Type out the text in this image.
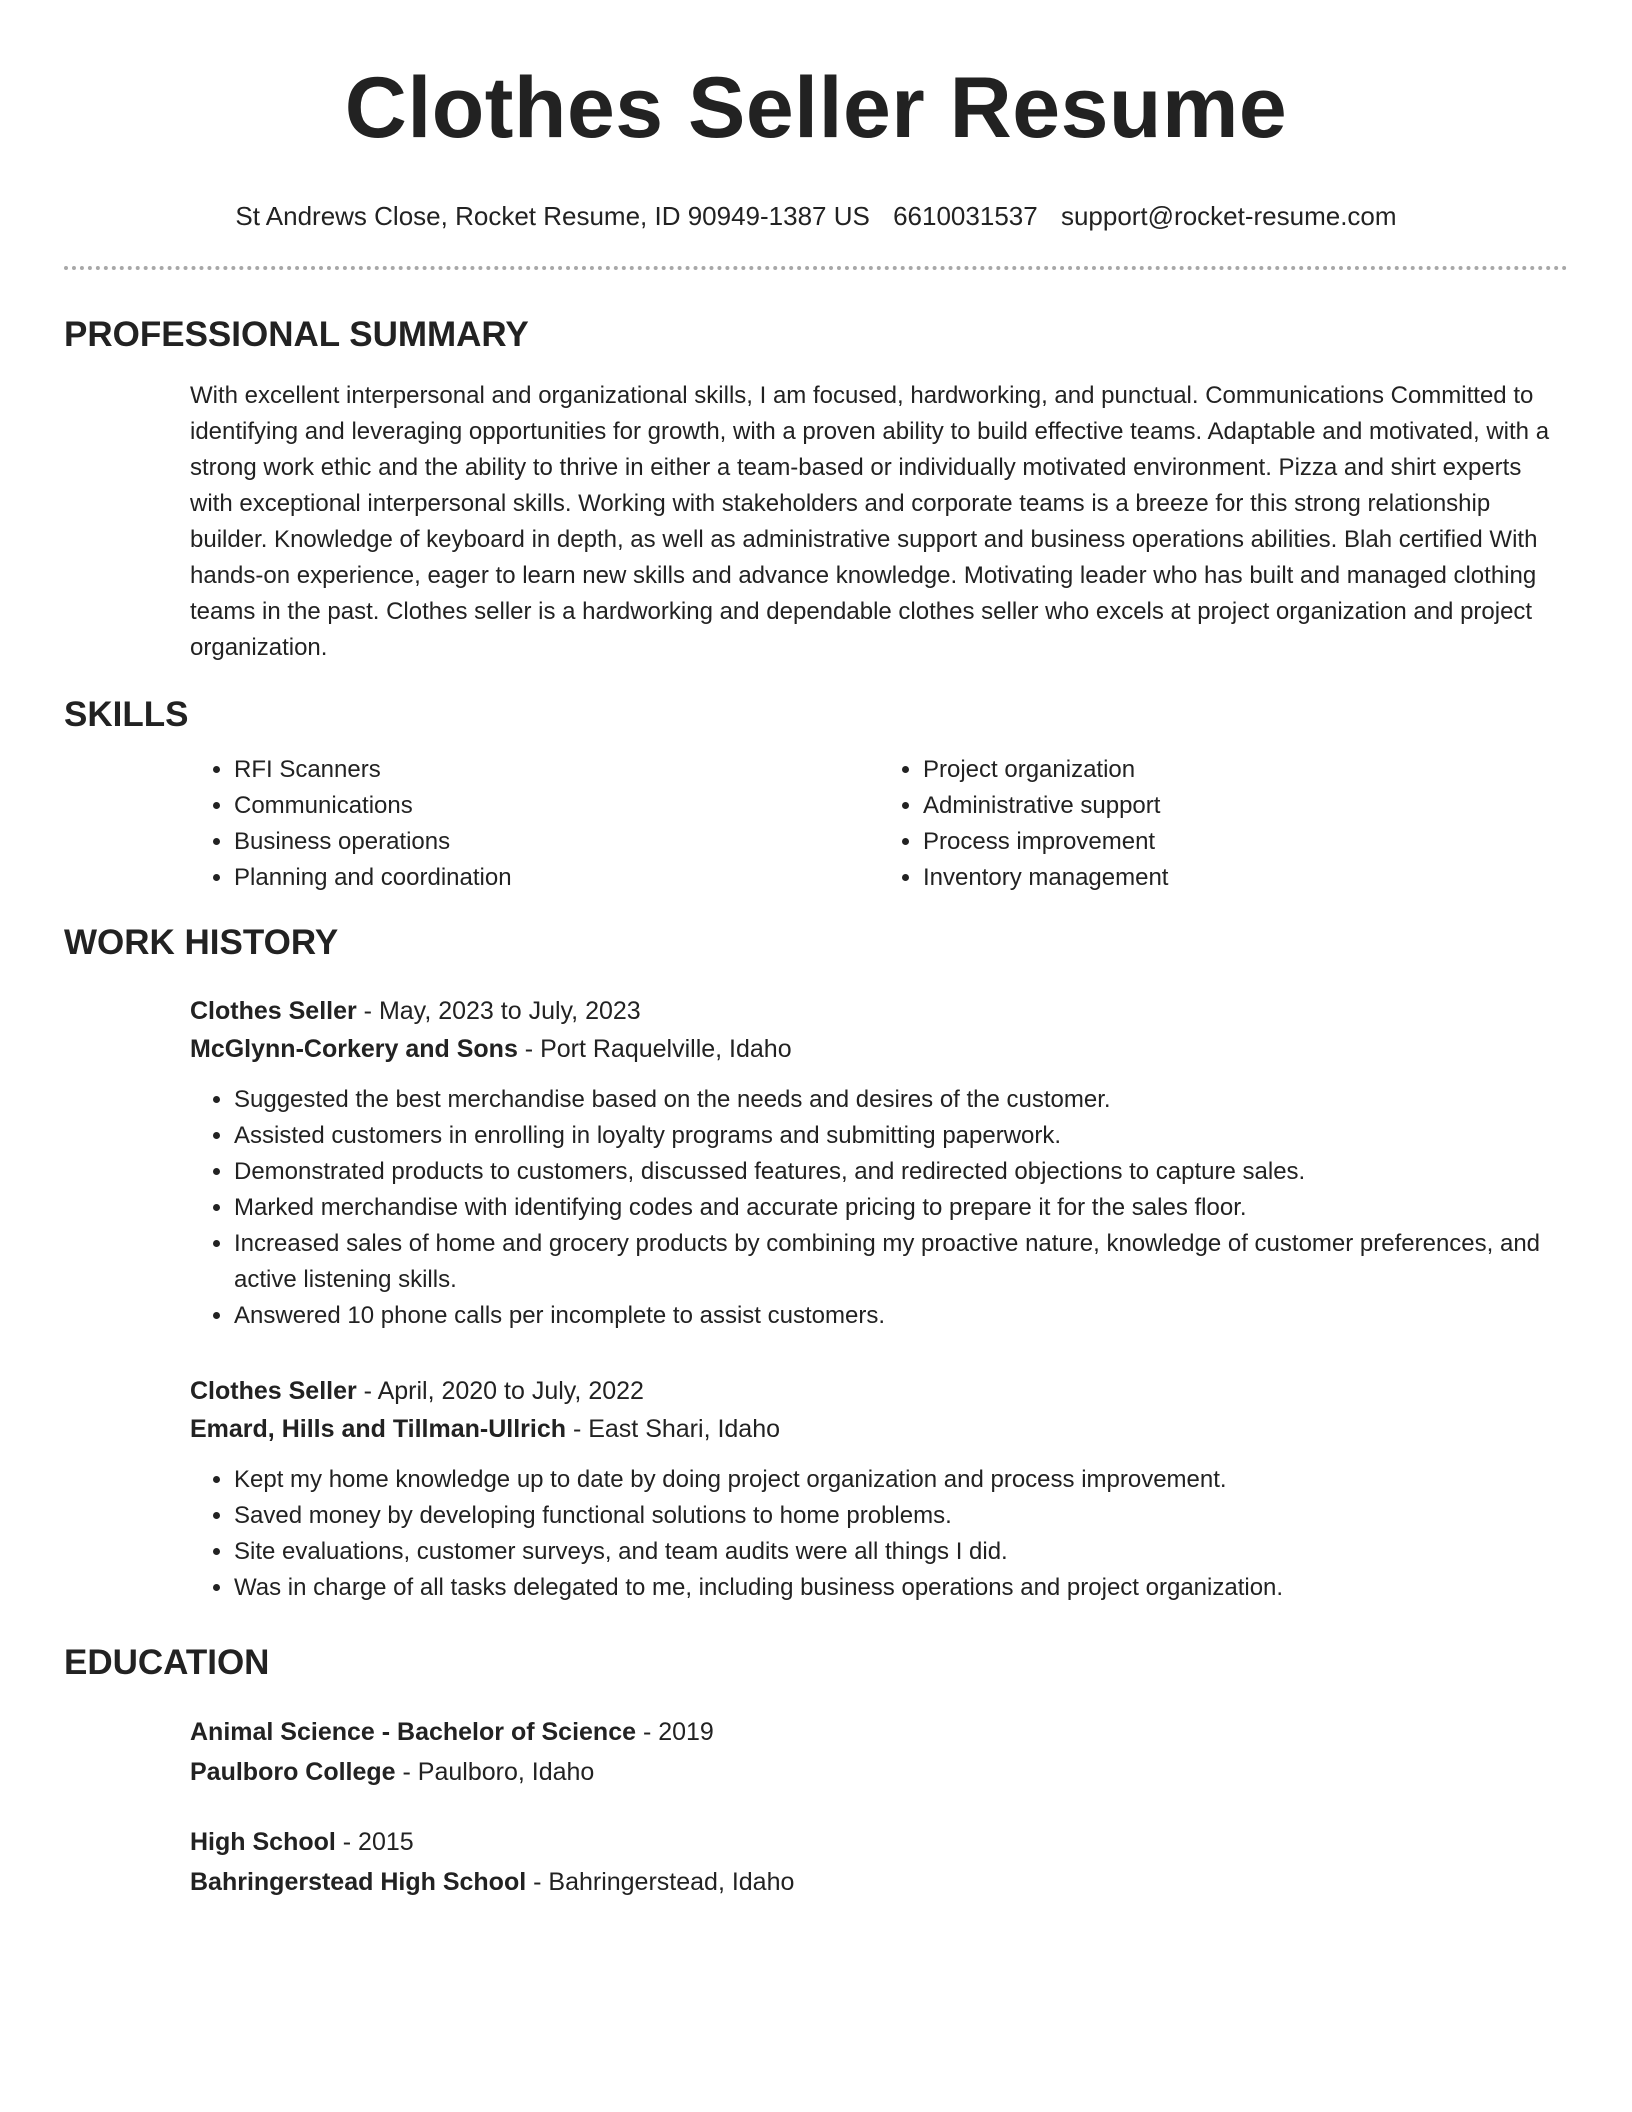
Clothes Seller Resume
St Andrews Close, Rocket Resume, ID 90949-1387 US 6610031537 support@rocket-resume.com
PROFESSIONAL SUMMARY
With excellent interpersonal and organizational skills, I am focused, hardworking, and punctual. Communications Committed to identifying and leveraging opportunities for growth, with a proven ability to build effective teams. Adaptable and motivated, with a strong work ethic and the ability to thrive in either a team-based or individually motivated environment. Pizza and shirt experts with exceptional interpersonal skills. Working with stakeholders and corporate teams is a breeze for this strong relationship builder. Knowledge of keyboard in depth, as well as administrative support and business operations abilities. Blah certified With hands-on experience, eager to learn new skills and advance knowledge. Motivating leader who has built and managed clothing teams in the past. Clothes seller is a hardworking and dependable clothes seller who excels at project organization and project organization.
SKILLS
• RFI Scanners
• Communications
• Business operations
• Planning and coordination
• Project organization
• Administrative support
• Process improvement
• Inventory management
WORK HISTORY
Clothes Seller - May, 2023 to July, 2023
McGlynn-Corkery and Sons - Port Raquelville, Idaho
• Suggested the best merchandise based on the needs and desires of the customer.
• Assisted customers in enrolling in loyalty programs and submitting paperwork.
• Demonstrated products to customers, discussed features, and redirected objections to capture sales.
• Marked merchandise with identifying codes and accurate pricing to prepare it for the sales floor.
• Increased sales of home and grocery products by combining my proactive nature, knowledge of customer preferences, and active listening skills.
• Answered 10 phone calls per incomplete to assist customers.
Clothes Seller - April, 2020 to July, 2022
Emard, Hills and Tillman-Ullrich - East Shari, Idaho
• Kept my home knowledge up to date by doing project organization and process improvement.
• Saved money by developing functional solutions to home problems.
• Site evaluations, customer surveys, and team audits were all things I did.
• Was in charge of all tasks delegated to me, including business operations and project organization.
EDUCATION
Animal Science - Bachelor of Science - 2019
Paulboro College - Paulboro, Idaho
High School - 2015
Bahringerstead High School - Bahringerstead, Idaho
